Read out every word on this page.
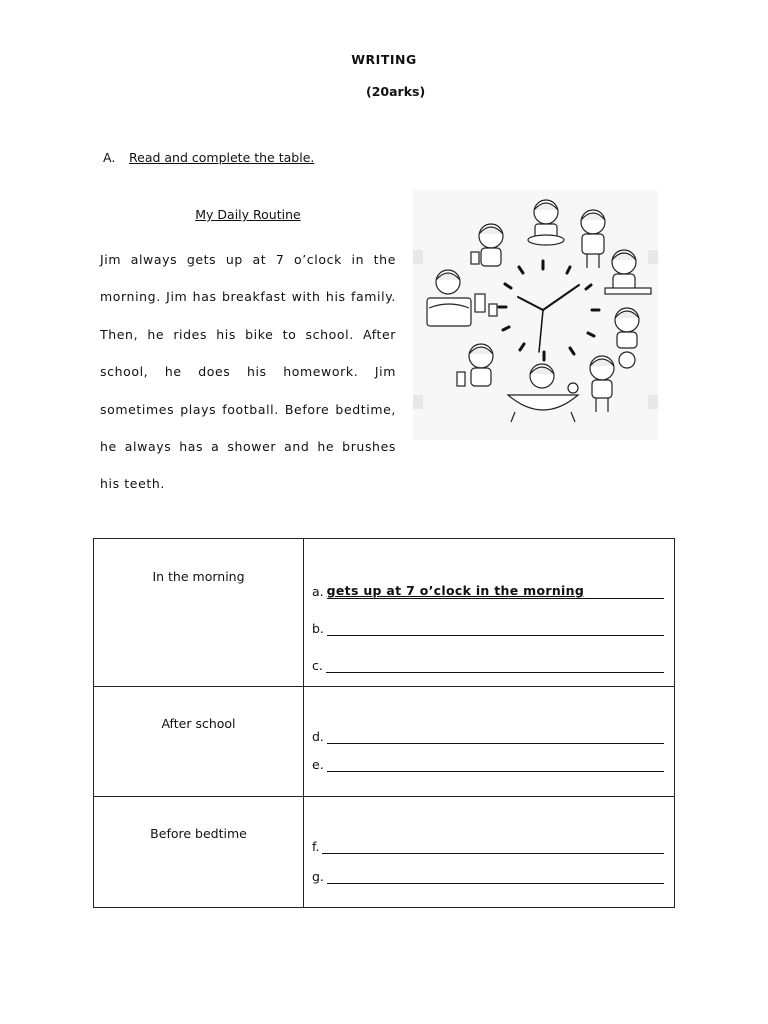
WRITING
(20arks)
A. Read and complete the table.
My Daily Routine
Jim always gets up at 7 o’clock in the morning. Jim has breakfast with his family. Then, he rides his bike to school. After school, he does his homework. Jim sometimes plays football. Before bedtime, he always has a shower and he brushes his teeth.
In the morning	a. gets up at 7 o’clock in the morning
b.
c.

After school	d.
e.

Before bedtime	f.
g.
